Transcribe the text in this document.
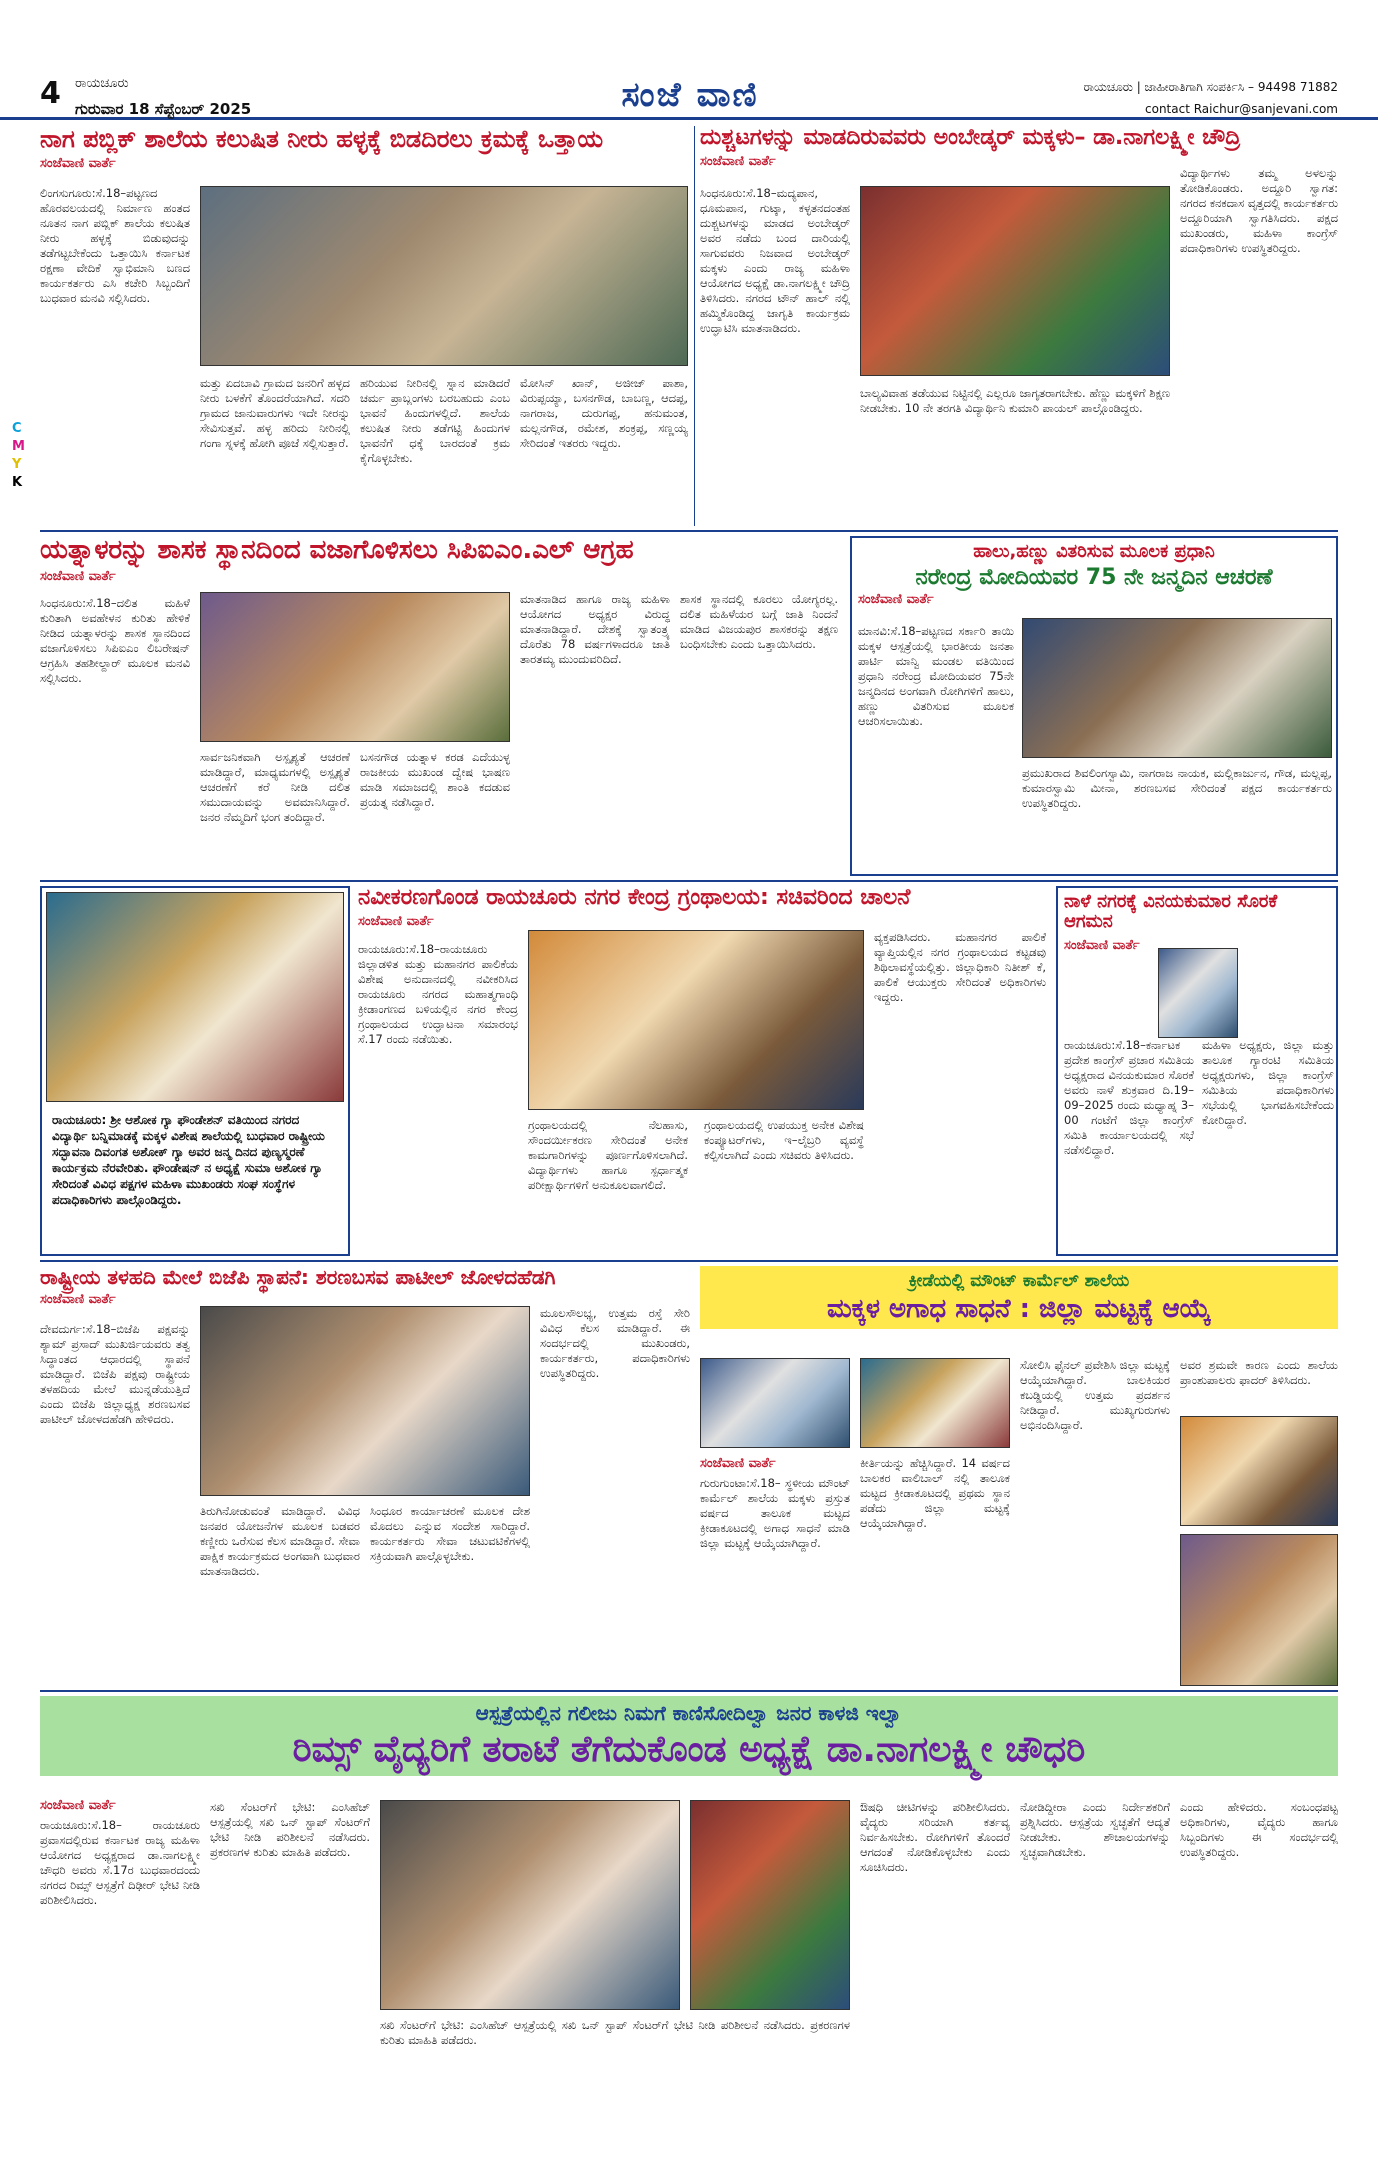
4 ರಾಯಚೂರು
ಗುರುವಾರ 18 ಸೆಪ್ಟೆಂಬರ್ 2025	ಸಂಜೆ ವಾಣಿ	ರಾಯಚೂರು | ಜಾಹೀರಾತಿಗಾಗಿ ಸಂಪರ್ಕಿಸಿ – 94498 71882
contact Raichur@sanjevani.com
C
M
Y
K
ನಾಗ ಪಬ್ಲಿಕ್ ಶಾಲೆಯ ಕಲುಷಿತ ನೀರು ಹಳ್ಳಕ್ಕೆ ಬಿಡದಿರಲು ಕ್ರಮಕ್ಕೆ ಒತ್ತಾಯ
ಸಂಜೆವಾಣಿ ವಾರ್ತೆ
ಲಿಂಗಸುಗೂರು:ಸೆ.18–ಪಟ್ಟಣದ ಹೊರವಲಯದಲ್ಲಿ ನಿರ್ಮಾಣ ಹಂತದ ನೂತನ ನಾಗ ಪಬ್ಲಿಕ್ ಶಾಲೆಯ ಕಲುಷಿತ ನೀರು ಹಳ್ಳಕ್ಕೆ ಬಿಡುವುದನ್ನು ತಡೆಗಟ್ಟಬೇಕೆಂದು ಒತ್ತಾಯಿಸಿ ಕರ್ನಾಟಕ ರಕ್ಷಣಾ ವೇದಿಕೆ ಸ್ವಾಭಿಮಾನಿ ಬಣದ ಕಾರ್ಯಕರ್ತರು ಎಸಿ ಕಚೇರಿ ಸಿಬ್ಬಂದಿಗೆ ಬುಧವಾರ ಮನವಿ ಸಲ್ಲಿಸಿದರು.
ಮತ್ತು ಏದಬಾವಿ ಗ್ರಾಮದ ಜನರಿಗೆ ಹಳ್ಳದ ನೀರು ಬಳಕೆಗೆ ತೊಂದರೆಯಾಗಿದೆ. ಸದರಿ ಗ್ರಾಮದ ಜಾನುವಾರುಗಳು ಇದೇ ನೀರನ್ನು ಸೇವಿಸುತ್ತವೆ. ಹಳ್ಳ ಹರಿದು ನೀರಿನಲ್ಲಿ ಗಂಗಾ ಸ್ನಳಕ್ಕೆ ಹೋಗಿ ಪೂಜೆ ಸಲ್ಲಿಸುತ್ತಾರೆ.
ಹರಿಯುವ ನೀರಿನಲ್ಲಿ ಸ್ನಾನ ಮಾಡಿದರೆ ಚರ್ಮ ಪ್ರಾಬ್ಲಂಗಳು ಬರಬಹುದು ಎಂಬ ಭಾವನೆ ಹಿಂದುಗಳಲ್ಲಿದೆ. ಶಾಲೆಯ ಕಲುಷಿತ ನೀರು ತಡೆಗಟ್ಟಿ ಹಿಂದುಗಳ ಭಾವನೆಗೆ ಧಕ್ಕೆ ಬಾರದಂತೆ ಕ್ರಮ ಕೈಗೊಳ್ಳಬೇಕು.
ಮೋಸಿನ್ ಖಾನ್, ಅಜೀಜ್ ಪಾಶಾ, ವಿರುಪ್ಪಯ್ಯಾ, ಬಸನಗೌಡ, ಬಾಬಣ್ಣ, ಆದಪ್ಪ, ನಾಗರಾಜ, ದುರುಗಪ್ಪ, ಹನುಮಂತ, ಮಲ್ಲನಗೌಡ, ರಮೇಶ, ಶಂಕ್ರಪ್ಪ, ಸಣ್ಣಯ್ಯ ಸೇರಿದಂತೆ ಇತರರು ಇದ್ದರು.
ದುಶ್ಚಟಗಳನ್ನು ಮಾಡದಿರುವವರು ಅಂಬೇಡ್ಕರ್ ಮಕ್ಕಳು– ಡಾ.ನಾಗಲಕ್ಷ್ಮೀ ಚೌದ್ರಿ
ಸಂಜೆವಾಣಿ ವಾರ್ತೆ
ಸಿಂಧನೂರು:ಸೆ.18–ಮದ್ಯಪಾನ, ಧೂಮಪಾನ, ಗುಟ್ಕಾ, ಕಳ್ಳತನದಂತಹ ದುಶ್ಚಟಗಳನ್ನು ಮಾಡದ ಅಂಬೇಡ್ಕರ್ ಅವರ ನಡೆದು ಬಂದ ದಾರಿಯಲ್ಲಿ ಸಾಗುವವರು ನಿಜವಾದ ಅಂಬೇಡ್ಕರ್ ಮಕ್ಕಳು ಎಂದು ರಾಜ್ಯ ಮಹಿಳಾ ಆಯೋಗದ ಅಧ್ಯಕ್ಷೆ ಡಾ.ನಾಗಲಕ್ಷ್ಮೀ ಚೌದ್ರಿ ತಿಳಿಸಿದರು. ನಗರದ ಟೌನ್ ಹಾಲ್ ನಲ್ಲಿ ಹಮ್ಮಿಕೊಂಡಿದ್ದ ಜಾಗೃತಿ ಕಾರ್ಯಕ್ರಮ ಉದ್ಘಾಟಿಸಿ ಮಾತನಾಡಿದರು.
ಬಾಲ್ಯವಿವಾಹ ತಡೆಯುವ ನಿಟ್ಟಿನಲ್ಲಿ ಎಲ್ಲರೂ ಜಾಗೃತರಾಗಬೇಕು. ಹೆಣ್ಣು ಮಕ್ಕಳಿಗೆ ಶಿಕ್ಷಣ ನೀಡಬೇಕು. 10 ನೇ ತರಗತಿ ವಿದ್ಯಾರ್ಥಿನಿ ಕುಮಾರಿ ಪಾಯಲ್ ಪಾಲ್ಗೊಂಡಿದ್ದರು.
ವಿದ್ಯಾರ್ಥಿಗಳು ತಮ್ಮ ಅಳಲನ್ನು ತೋಡಿಕೊಂಡರು. ಅದ್ದೂರಿ ಸ್ವಾಗತ: ನಗರದ ಕನಕದಾಸ ವೃತ್ತದಲ್ಲಿ ಕಾರ್ಯಕರ್ತರು ಅದ್ದೂರಿಯಾಗಿ ಸ್ವಾಗತಿಸಿದರು. ಪಕ್ಷದ ಮುಖಂಡರು, ಮಹಿಳಾ ಕಾಂಗ್ರೆಸ್ ಪದಾಧಿಕಾರಿಗಳು ಉಪಸ್ಥಿತರಿದ್ದರು.
ಯತ್ನಾಳರನ್ನು ಶಾಸಕ ಸ್ಥಾನದಿಂದ ವಜಾಗೊಳಿಸಲು ಸಿಪಿಐಎಂ.ಎಲ್ ಆಗ್ರಹ
ಸಂಜೆವಾಣಿ ವಾರ್ತೆ
ಸಿಂಧನೂರು:ಸೆ.18–ದಲಿತ ಮಹಿಳೆ ಕುರಿತಾಗಿ ಅವಹೇಳನ ಕುರಿತು ಹೇಳಿಕೆ ನೀಡಿದ ಯತ್ನಾಳರನ್ನು ಶಾಸಕ ಸ್ಥಾನದಿಂದ ವಜಾಗೊಳಿಸಲು ಸಿಪಿಐಎಂ ಲಿಬರೇಷನ್ ಆಗ್ರಹಿಸಿ ತಹಶೀಲ್ದಾರ್ ಮೂಲಕ ಮನವಿ ಸಲ್ಲಿಸಿದರು.
ಸಾರ್ವಜನಿಕವಾಗಿ ಅಸ್ಪೃಶ್ಯತೆ ಆಚರಣೆ ಮಾಡಿದ್ದಾರೆ, ಮಾಧ್ಯಮಗಳಲ್ಲಿ ಅಸ್ಪೃಶ್ಯತೆ ಆಚರಣೆಗೆ ಕರೆ ನೀಡಿ ದಲಿತ ಸಮುದಾಯವನ್ನು ಅವಮಾನಿಸಿದ್ದಾರೆ. ಜನರ ನೆಮ್ಮದಿಗೆ ಭಂಗ ತಂದಿದ್ದಾರೆ.
ಬಸನಗೌಡ ಯತ್ನಾಳ ಕರಡ ಎದೆಯುಳ್ಳ ರಾಜಕೀಯ ಮುಖಂಡ ದ್ವೇಷ ಭಾಷಣ ಮಾಡಿ ಸಮಾಜದಲ್ಲಿ ಶಾಂತಿ ಕದಡುವ ಪ್ರಯತ್ನ ನಡೆಸಿದ್ದಾರೆ.
ಮಾತನಾಡಿದ ಹಾಗೂ ರಾಜ್ಯ ಮಹಿಳಾ ಆಯೋಗದ ಅಧ್ಯಕ್ಷರ ವಿರುದ್ಧ ಮಾತನಾಡಿದ್ದಾರೆ. ದೇಶಕ್ಕೆ ಸ್ವಾತಂತ್ರ್ಯ ದೊರೆತು 78 ವರ್ಷಗಳಾದರೂ ಜಾತಿ ತಾರತಮ್ಯ ಮುಂದುವರಿದಿದೆ.
ಶಾಸಕ ಸ್ಥಾನದಲ್ಲಿ ಕೂರಲು ಯೋಗ್ಯರಲ್ಲ. ದಲಿತ ಮಹಿಳೆಯರ ಬಗ್ಗೆ ಜಾತಿ ನಿಂದನೆ ಮಾಡಿದ ವಿಜಯಪುರ ಶಾಸಕರನ್ನು ತಕ್ಷಣ ಬಂಧಿಸಬೇಕು ಎಂದು ಒತ್ತಾಯಿಸಿದರು.
ಹಾಲು,ಹಣ್ಣು ವಿತರಿಸುವ ಮೂಲಕ ಪ್ರಧಾನಿ
ನರೇಂದ್ರ ಮೋದಿಯವರ 75 ನೇ ಜನ್ಮದಿನ ಆಚರಣೆ
ಸಂಜೆವಾಣಿ ವಾರ್ತೆ
ಮಾನವಿ:ಸೆ.18–ಪಟ್ಟಣದ ಸರ್ಕಾರಿ ತಾಯಿ ಮಕ್ಕಳ ಆಸ್ಪತ್ರೆಯಲ್ಲಿ ಭಾರತೀಯ ಜನತಾ ಪಾರ್ಟಿ ಮಾನ್ವಿ ಮಂಡಲ ವತಿಯಿಂದ ಪ್ರಧಾನಿ ನರೇಂದ್ರ ಮೋದಿಯವರ 75ನೇ ಜನ್ಮದಿನದ ಅಂಗವಾಗಿ ರೋಗಿಗಳಿಗೆ ಹಾಲು, ಹಣ್ಣು ವಿತರಿಸುವ ಮೂಲಕ ಆಚರಿಸಲಾಯಿತು.
ಪ್ರಮುಖರಾದ ಶಿವಲಿಂಗಸ್ವಾಮಿ, ನಾಗರಾಜ ನಾಯಕ, ಮಲ್ಲಿಕಾರ್ಜುನ, ಗೌಡ, ಮಲ್ಲಪ್ಪ, ಕುಮಾರಸ್ವಾಮಿ ಮೀನಾ, ಶರಣಬಸವ ಸೇರಿದಂತೆ ಪಕ್ಷದ ಕಾರ್ಯಕರ್ತರು ಉಪಸ್ಥಿತರಿದ್ದರು.
ರಾಯಚೂರು: ಶ್ರೀ ಆಶೋಕ ಗ್ಯಾ ಫೌಂಡೇಶನ್ ವತಿಯಿಂದ ನಗರದ ವಿದ್ಯಾರ್ಥಿ ಬನ್ನಿಮಾಡಕ್ಕೆ ಮಕ್ಕಳ ವಿಶೇಷ ಶಾಲೆಯಲ್ಲಿ ಬುಧವಾರ ರಾಷ್ಟ್ರೀಯ ಸದ್ಭಾವನಾ ದಿವಂಗತ ಅಶೋಕ್ ಗ್ಯಾ ಅವರ ಜನ್ಮ ದಿನದ ಪುಣ್ಯಸ್ಮರಣೆ ಕಾರ್ಯಕ್ರಮ ನೆರವೇರಿತು. ಫೌಂಡೇಷನ್ ನ ಅಧ್ಯಕ್ಷೆ ಸುಮಾ ಅಶೋಕ ಗ್ಯಾ ಸೇರಿದಂತೆ ವಿವಿಧ ಪಕ್ಷಗಳ ಮಹಿಳಾ ಮುಖಂಡರು ಸಂಘ ಸಂಸ್ಥೆಗಳ ಪದಾಧಿಕಾರಿಗಳು ಪಾಲ್ಗೊಂಡಿದ್ದರು.
ನವೀಕರಣಗೊಂಡ ರಾಯಚೂರು ನಗರ ಕೇಂದ್ರ ಗ್ರಂಥಾಲಯ: ಸಚಿವರಿಂದ ಚಾಲನೆ
ಸಂಜೆವಾಣಿ ವಾರ್ತೆ
ರಾಯಚೂರು:ಸೆ.18–ರಾಯಚೂರು ಜಿಲ್ಲಾಡಳಿತ ಮತ್ತು ಮಹಾನಗರ ಪಾಲಿಕೆಯ ವಿಶೇಷ ಅನುದಾನದಲ್ಲಿ ನವೀಕರಿಸಿದ ರಾಯಚೂರು ನಗರದ ಮಹಾತ್ಮಗಾಂಧಿ ಕ್ರೀಡಾಂಗಣದ ಬಳಿಯಲ್ಲಿನ ನಗರ ಕೇಂದ್ರ ಗ್ರಂಥಾಲಯದ ಉದ್ಘಾಟನಾ ಸಮಾರಂಭ ಸೆ.17 ರಂದು ನಡೆಯಿತು.
ಗ್ರಂಥಾಲಯದಲ್ಲಿ ನೆಲಹಾಸು, ಸೌಂದರ್ಯೀಕರಣ ಸೇರಿದಂತೆ ಅನೇಕ ಕಾಮಗಾರಿಗಳನ್ನು ಪೂರ್ಣಗೊಳಿಸಲಾಗಿದೆ. ವಿದ್ಯಾರ್ಥಿಗಳು ಹಾಗೂ ಸ್ಪರ್ಧಾತ್ಮಕ ಪರೀಕ್ಷಾರ್ಥಿಗಳಿಗೆ ಅನುಕೂಲವಾಗಲಿದೆ.
ಗ್ರಂಥಾಲಯದಲ್ಲಿ ಉಪಯುಕ್ತ ಅನೇಕ ವಿಶೇಷ ಕಂಪ್ಯೂಟರ್‌ಗಳು, ಇ–ಲೈಬ್ರರಿ ವ್ಯವಸ್ಥೆ ಕಲ್ಪಿಸಲಾಗಿದೆ ಎಂದು ಸಚಿವರು ತಿಳಿಸಿದರು.
ವ್ಯಕ್ತಪಡಿಸಿದರು. ಮಹಾನಗರ ಪಾಲಿಕೆ ವ್ಯಾಪ್ತಿಯಲ್ಲಿನ ನಗರ ಗ್ರಂಥಾಲಯದ ಕಟ್ಟಡವು ಶಿಥಿಲಾವಸ್ಥೆಯಲ್ಲಿತ್ತು. ಜಿಲ್ಲಾಧಿಕಾರಿ ನಿತೀಶ್ ಕೆ, ಪಾಲಿಕೆ ಆಯುಕ್ತರು ಸೇರಿದಂತೆ ಅಧಿಕಾರಿಗಳು ಇದ್ದರು.
ನಾಳೆ ನಗರಕ್ಕೆ ವಿನಯಕುಮಾರ ಸೊರಕೆ ಆಗಮನ
ಸಂಜೆವಾಣಿ ವಾರ್ತೆ
ರಾಯಚೂರು:ಸೆ.18–ಕರ್ನಾಟಕ ಪ್ರದೇಶ ಕಾಂಗ್ರೆಸ್ ಪ್ರಚಾರ ಸಮಿತಿಯ ಅಧ್ಯಕ್ಷರಾದ ವಿನಯಕುಮಾರ ಸೊರಕೆ ಅವರು ನಾಳೆ ಶುಕ್ರವಾರ ದಿ.19–09–2025 ರಂದು ಮಧ್ಯಾಹ್ನ 3–00 ಗಂಟೆಗೆ ಜಿಲ್ಲಾ ಕಾಂಗ್ರೆಸ್ ಸಮಿತಿ ಕಾರ್ಯಾಲಯದಲ್ಲಿ ಸಭೆ ನಡೆಸಲಿದ್ದಾರೆ.
ಮಹಿಳಾ ಅಧ್ಯಕ್ಷರು, ಜಿಲ್ಲಾ ಮತ್ತು ತಾಲೂಕ ಗ್ಯಾರಂಟಿ ಸಮಿತಿಯ ಅಧ್ಯಕ್ಷರುಗಳು, ಜಿಲ್ಲಾ ಕಾಂಗ್ರೆಸ್ ಸಮಿತಿಯ ಪದಾಧಿಕಾರಿಗಳು ಸಭೆಯಲ್ಲಿ ಭಾಗವಹಿಸಬೇಕೆಂದು ಕೋರಿದ್ದಾರೆ.
ರಾಷ್ಟ್ರೀಯ ತಳಹದಿ ಮೇಲೆ ಬಿಜೆಪಿ ಸ್ಥಾಪನೆ: ಶರಣಬಸವ ಪಾಟೀಲ್ ಜೋಳದಹೆಡಗಿ
ಸಂಜೆವಾಣಿ ವಾರ್ತೆ
ದೇವದುರ್ಗ:ಸೆ.18–ಬಿಜೆಪಿ ಪಕ್ಷವನ್ನು ಶ್ಯಾಮ್ ಪ್ರಸಾದ್ ಮುಖರ್ಜಿಯವರು ತತ್ವ ಸಿದ್ಧಾಂತದ ಆಧಾರದಲ್ಲಿ ಸ್ಥಾಪನೆ ಮಾಡಿದ್ದಾರೆ. ಬಿಜೆಪಿ ಪಕ್ಷವು ರಾಷ್ಟ್ರೀಯ ತಳಹದಿಯ ಮೇಲೆ ಮುನ್ನಡೆಯುತ್ತಿದೆ ಎಂದು ಬಿಜೆಪಿ ಜಿಲ್ಲಾಧ್ಯಕ್ಷ ಶರಣಬಸವ ಪಾಟೀಲ್ ಜೋಳದಹೆಡಗಿ ಹೇಳಿದರು.
ತಿರುಗಿನೋಡುವಂತೆ ಮಾಡಿದ್ದಾರೆ. ವಿವಿಧ ಜನಪರ ಯೋಜನೆಗಳ ಮೂಲಕ ಬಡವರ ಕಣ್ಣೀರು ಒರೆಸುವ ಕೆಲಸ ಮಾಡಿದ್ದಾರೆ. ಸೇವಾ ಪಾಕ್ಷಿಕ ಕಾರ್ಯಕ್ರಮದ ಅಂಗವಾಗಿ ಬುಧವಾರ ಮಾತನಾಡಿದರು.
ಸಿಂಧೂರ ಕಾರ್ಯಾಚರಣೆ ಮೂಲಕ ದೇಶ ಮೊದಲು ಎನ್ನುವ ಸಂದೇಶ ಸಾರಿದ್ದಾರೆ. ಕಾರ್ಯಕರ್ತರು ಸೇವಾ ಚಟುವಟಿಕೆಗಳಲ್ಲಿ ಸಕ್ರಿಯವಾಗಿ ಪಾಲ್ಗೊಳ್ಳಬೇಕು.
ಮೂಲಸೌಲಭ್ಯ, ಉತ್ತಮ ರಸ್ತೆ ಸೇರಿ ವಿವಿಧ ಕೆಲಸ ಮಾಡಿದ್ದಾರೆ. ಈ ಸಂದರ್ಭದಲ್ಲಿ ಮುಖಂಡರು, ಕಾರ್ಯಕರ್ತರು, ಪದಾಧಿಕಾರಿಗಳು ಉಪಸ್ಥಿತರಿದ್ದರು.
ಕ್ರೀಡೆಯಲ್ಲಿ ಮೌಂಟ್ ಕಾರ್ಮೆಲ್ ಶಾಲೆಯ
ಮಕ್ಕಳ ಅಗಾಧ ಸಾಧನೆ : ಜಿಲ್ಲಾ ಮಟ್ಟಕ್ಕೆ ಆಯ್ಕೆ
ಸಂಜೆವಾಣಿ ವಾರ್ತೆ
ಗುರುಗುಂಟಾ:ಸೆ.18– ಸ್ಥಳೀಯ ಮೌಂಟ್ ಕಾರ್ಮೆಲ್ ಶಾಲೆಯ ಮಕ್ಕಳು ಪ್ರಸ್ತುತ ವರ್ಷದ ತಾಲೂಕ ಮಟ್ಟದ ಕ್ರೀಡಾಕೂಟದಲ್ಲಿ ಅಗಾಧ ಸಾಧನೆ ಮಾಡಿ ಜಿಲ್ಲಾ ಮಟ್ಟಕ್ಕೆ ಆಯ್ಕೆಯಾಗಿದ್ದಾರೆ.
ಕೀರ್ತಿಯನ್ನು ಹೆಚ್ಚಿಸಿದ್ದಾರೆ. 14 ವರ್ಷದ ಬಾಲಕರ ವಾಲಿಬಾಲ್ ನಲ್ಲಿ ತಾಲೂಕ ಮಟ್ಟದ ಕ್ರೀಡಾಕೂಟದಲ್ಲಿ ಪ್ರಥಮ ಸ್ಥಾನ ಪಡೆದು ಜಿಲ್ಲಾ ಮಟ್ಟಕ್ಕೆ ಆಯ್ಕೆಯಾಗಿದ್ದಾರೆ.
ಸೋಲಿಸಿ ಫೈನಲ್ ಪ್ರವೇಶಿಸಿ ಜಿಲ್ಲಾ ಮಟ್ಟಕ್ಕೆ ಆಯ್ಕೆಯಾಗಿದ್ದಾರೆ. ಬಾಲಕಿಯರ ಕಬಡ್ಡಿಯಲ್ಲಿ ಉತ್ತಮ ಪ್ರದರ್ಶನ ನೀಡಿದ್ದಾರೆ. ಮುಖ್ಯಗುರುಗಳು ಅಭಿನಂದಿಸಿದ್ದಾರೆ.
ಅವರ ಶ್ರಮವೇ ಕಾರಣ ಎಂದು ಶಾಲೆಯ ಪ್ರಾಂಶುಪಾಲರು ಫಾದರ್ ತಿಳಿಸಿದರು.
ಆಸ್ಪತ್ರೆಯಲ್ಲಿನ ಗಲೀಜು ನಿಮಗೆ ಕಾಣಿಸೋದಿಲ್ವಾ ಜನರ ಕಾಳಜಿ ಇಲ್ವಾ
ರಿಮ್ಸ್ ವೈದ್ಯರಿಗೆ ತರಾಟೆ ತೆಗೆದುಕೊಂಡ ಅಧ್ಯಕ್ಷೆ ಡಾ.ನಾಗಲಕ್ಷ್ಮೀ ಚೌಧರಿ
ಸಂಜೆವಾಣಿ ವಾರ್ತೆ
ರಾಯಚೂರು:ಸೆ.18– ರಾಯಚೂರು ಪ್ರವಾಸದಲ್ಲಿರುವ ಕರ್ನಾಟಕ ರಾಜ್ಯ ಮಹಿಳಾ ಆಯೋಗದ ಅಧ್ಯಕ್ಷರಾದ ಡಾ.ನಾಗಲಕ್ಷ್ಮೀ ಚೌಧರಿ ಅವರು ಸೆ.17ರ ಬುಧವಾರದಂದು ನಗರದ ರಿಮ್ಸ್ ಆಸ್ಪತ್ರೆಗೆ ದಿಢೀರ್ ಭೇಟಿ ನೀಡಿ ಪರಿಶೀಲಿಸಿದರು.
ಸಖಿ ಸೆಂಟರ್‌ಗೆ ಭೇಟಿ: ಎಂಸಿಹೆಚ್ ಆಸ್ಪತ್ರೆಯಲ್ಲಿ ಸಖಿ ಒನ್ ಸ್ಟಾಪ್ ಸೆಂಟರ್‌ಗೆ ಭೇಟಿ ನೀಡಿ ಪರಿಶೀಲನೆ ನಡೆಸಿದರು. ಪ್ರಕರಣಗಳ ಕುರಿತು ಮಾಹಿತಿ ಪಡೆದರು.
ಔಷಧಿ ಚೀಟಿಗಳನ್ನು ಪರಿಶೀಲಿಸಿದರು. ವೈದ್ಯರು ಸರಿಯಾಗಿ ಕರ್ತವ್ಯ ನಿರ್ವಹಿಸಬೇಕು. ರೋಗಿಗಳಿಗೆ ತೊಂದರೆ ಆಗದಂತೆ ನೋಡಿಕೊಳ್ಳಬೇಕು ಎಂದು ಸೂಚಿಸಿದರು.
ನೋಡಿದ್ದೀರಾ ಎಂದು ನಿರ್ದೇಶಕರಿಗೆ ಪ್ರಶ್ನಿಸಿದರು. ಆಸ್ಪತ್ರೆಯ ಸ್ವಚ್ಛತೆಗೆ ಆದ್ಯತೆ ನೀಡಬೇಕು. ಶೌಚಾಲಯಗಳನ್ನು ಸ್ವಚ್ಛವಾಗಿಡಬೇಕು.
ಎಂದು ಹೇಳಿದರು. ಸಂಬಂಧಪಟ್ಟ ಅಧಿಕಾರಿಗಳು, ವೈದ್ಯರು ಹಾಗೂ ಸಿಬ್ಬಂದಿಗಳು ಈ ಸಂದರ್ಭದಲ್ಲಿ ಉಪಸ್ಥಿತರಿದ್ದರು.
ಸಖಿ ಸೆಂಟರ್‌ಗೆ ಭೇಟಿ: ಎಂಸಿಹೆಚ್ ಆಸ್ಪತ್ರೆಯಲ್ಲಿ ಸಖಿ ಒನ್ ಸ್ಟಾಪ್ ಸೆಂಟರ್‌ಗೆ ಭೇಟಿ ನೀಡಿ ಪರಿಶೀಲನೆ ನಡೆಸಿದರು. ಪ್ರಕರಣಗಳ ಕುರಿತು ಮಾಹಿತಿ ಪಡೆದರು.
